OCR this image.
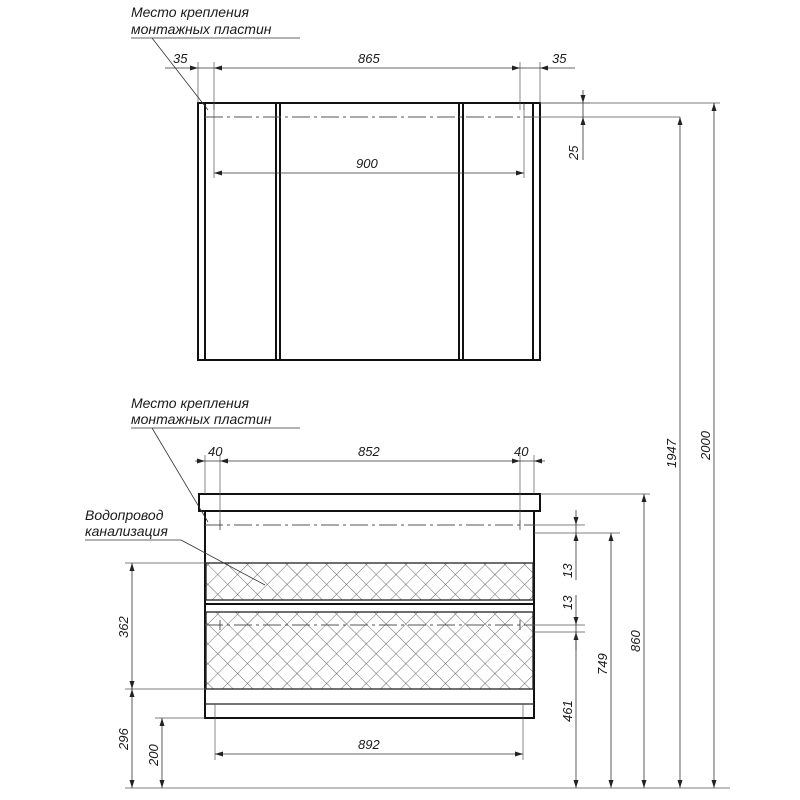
Место крепления
монтажных пластин
Место крепления
монтажных пластин
Водопровод
канализация
35	865	35
900
25
40	852	40
892
13
13
461
749
860
1947 2000
362
296
200
